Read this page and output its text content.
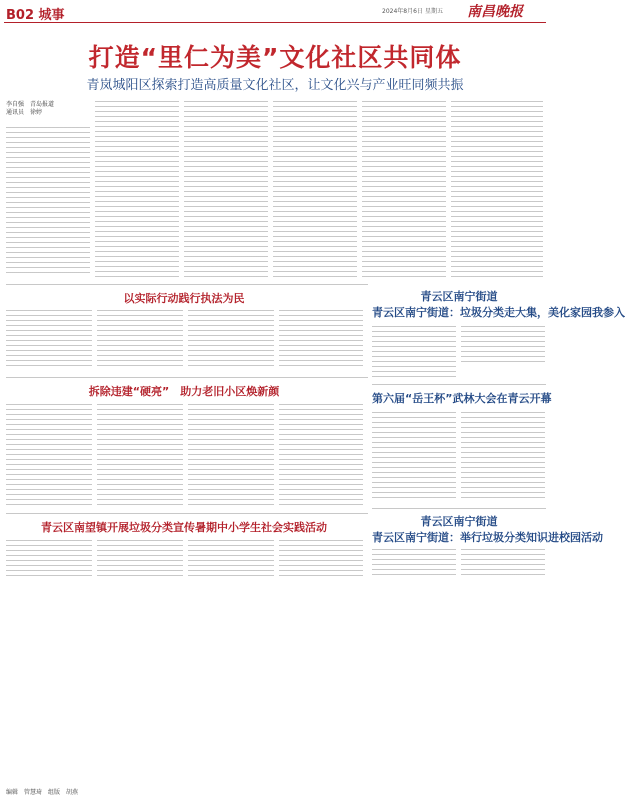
B02 城事	2024年8月6日 星期五 南昌晚报
打造“里仁为美”文化社区共同体
青岚城阳区探索打造高质量文化社区，让文化兴与产业旺同频共振
李自强　青岛报道
通讯员　徐婷
以实际行动践行执法为民
拆除违建“硬亮”　助力老旧小区焕新颜
青云区南望镇开展垃圾分类宣传暑期中小学生社会实践活动
青云区南宁街道
青云区南宁街道：垃圾分类走大集，美化家园我参入
第六届“岳王杯”武林大会在青云开幕
青云区南宁街道
青云区南宁街道：举行垃圾分类知识进校园活动
编辑　管慧琦　组版　胡燕
